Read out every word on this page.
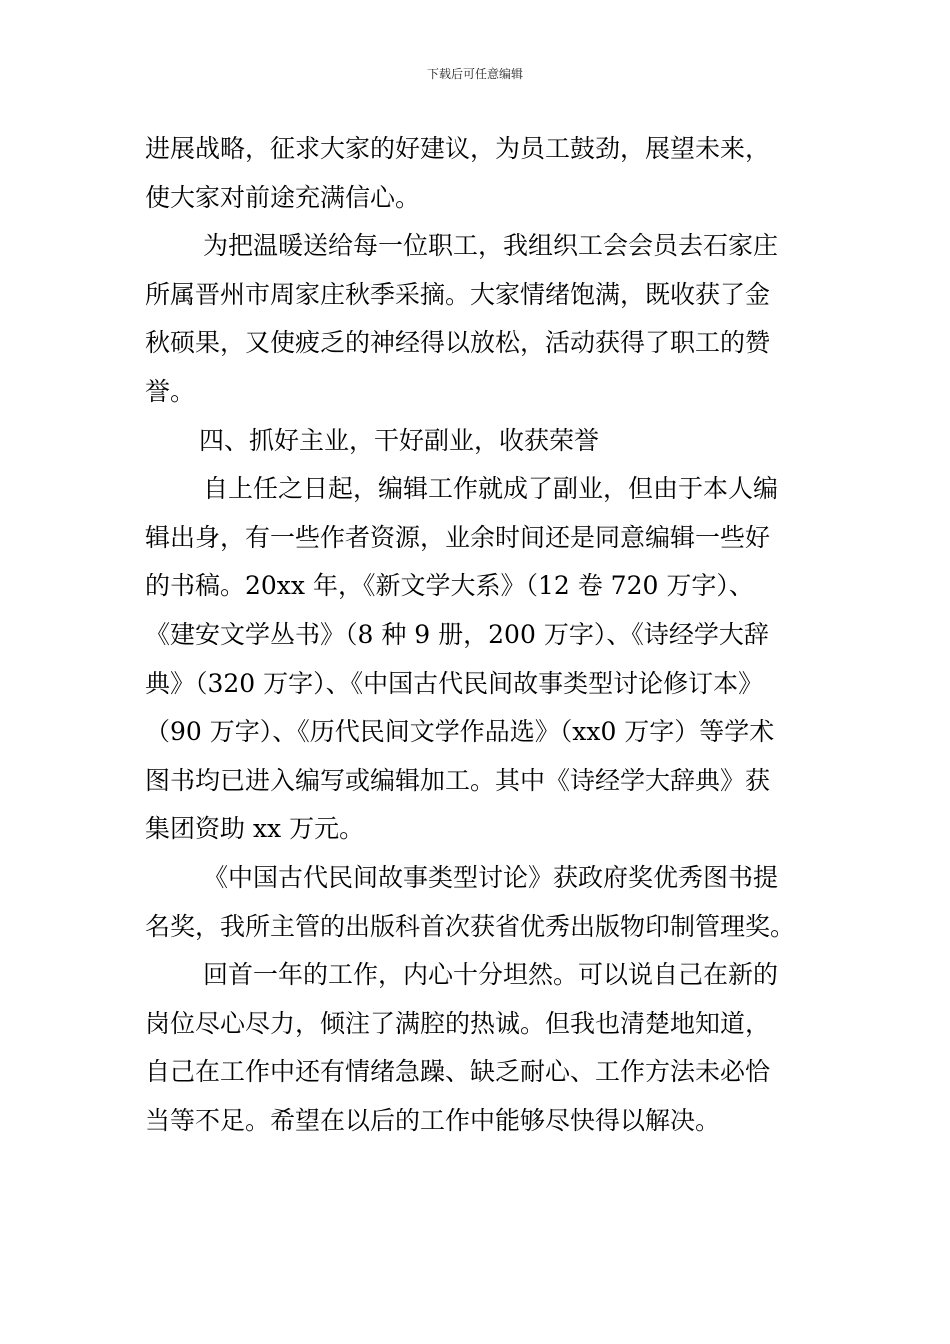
下载后可任意编辑
进展战略，征求大家的好建议，为员工鼓劲，展望未来，
使大家对前途充满信心。
为把温暖送给每一位职工，我组织工会会员去石家庄
所属晋州市周家庄秋季采摘。大家情绪饱满，既收获了金
秋硕果，又使疲乏的神经得以放松，活动获得了职工的赞
誉。
四、抓好主业，干好副业，收获荣誉
自上任之日起，编辑工作就成了副业，但由于本人编
辑出身，有一些作者资源，业余时间还是同意编辑一些好
的书稿。20xx 年，《新文学大系》（12 卷 720 万字）、
《建安文学丛书》（8 种 9 册，200 万字）、《诗经学大辞
典》（320 万字）、《中国古代民间故事类型讨论修订本》
（90 万字）、《历代民间文学作品选》（xx0 万字）等学术
图书均已进入编写或编辑加工。其中《诗经学大辞典》获
集团资助 xx 万元。
《中国古代民间故事类型讨论》获政府奖优秀图书提
名奖，我所主管的出版科首次获省优秀出版物印制管理奖。
回首一年的工作，内心十分坦然。可以说自己在新的
岗位尽心尽力，倾注了满腔的热诚。但我也清楚地知道，
自己在工作中还有情绪急躁、缺乏耐心、工作方法未必恰
当等不足。希望在以后的工作中能够尽快得以解决。
